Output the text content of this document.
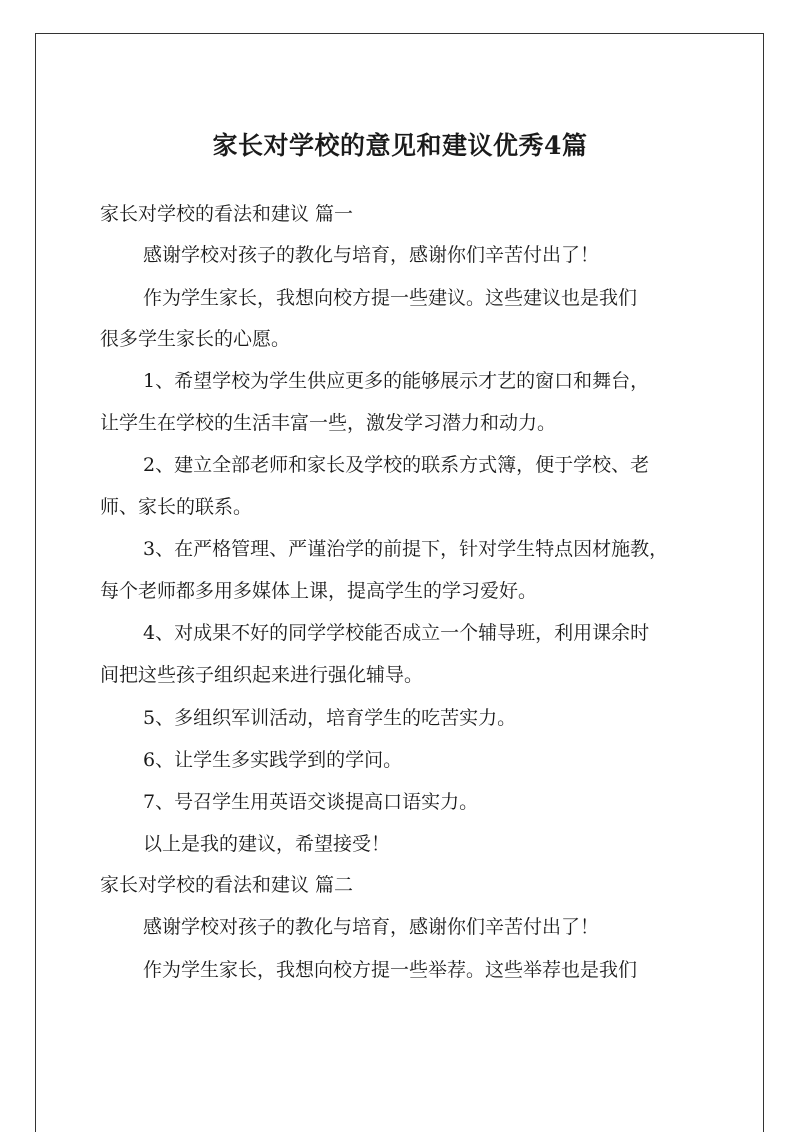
家长对学校的意见和建议优秀4篇
家长对学校的看法和建议 篇一
感谢学校对孩子的教化与培育，感谢你们辛苦付出了！
作为学生家长，我想向校方提一些建议。这些建议也是我们
很多学生家长的心愿。
1、希望学校为学生供应更多的能够展示才艺的窗口和舞台，
让学生在学校的生活丰富一些，激发学习潜力和动力。
2、建立全部老师和家长及学校的联系方式簿，便于学校、老
师、家长的联系。
3、在严格管理、严谨治学的前提下，针对学生特点因材施教，
每个老师都多用多媒体上课，提高学生的学习爱好。
4、对成果不好的同学学校能否成立一个辅导班，利用课余时
间把这些孩子组织起来进行强化辅导。
5、多组织军训活动，培育学生的吃苦实力。
6、让学生多实践学到的学问。
7、号召学生用英语交谈提高口语实力。
以上是我的建议，希望接受！
家长对学校的看法和建议 篇二
感谢学校对孩子的教化与培育，感谢你们辛苦付出了！
作为学生家长，我想向校方提一些举荐。这些举荐也是我们
